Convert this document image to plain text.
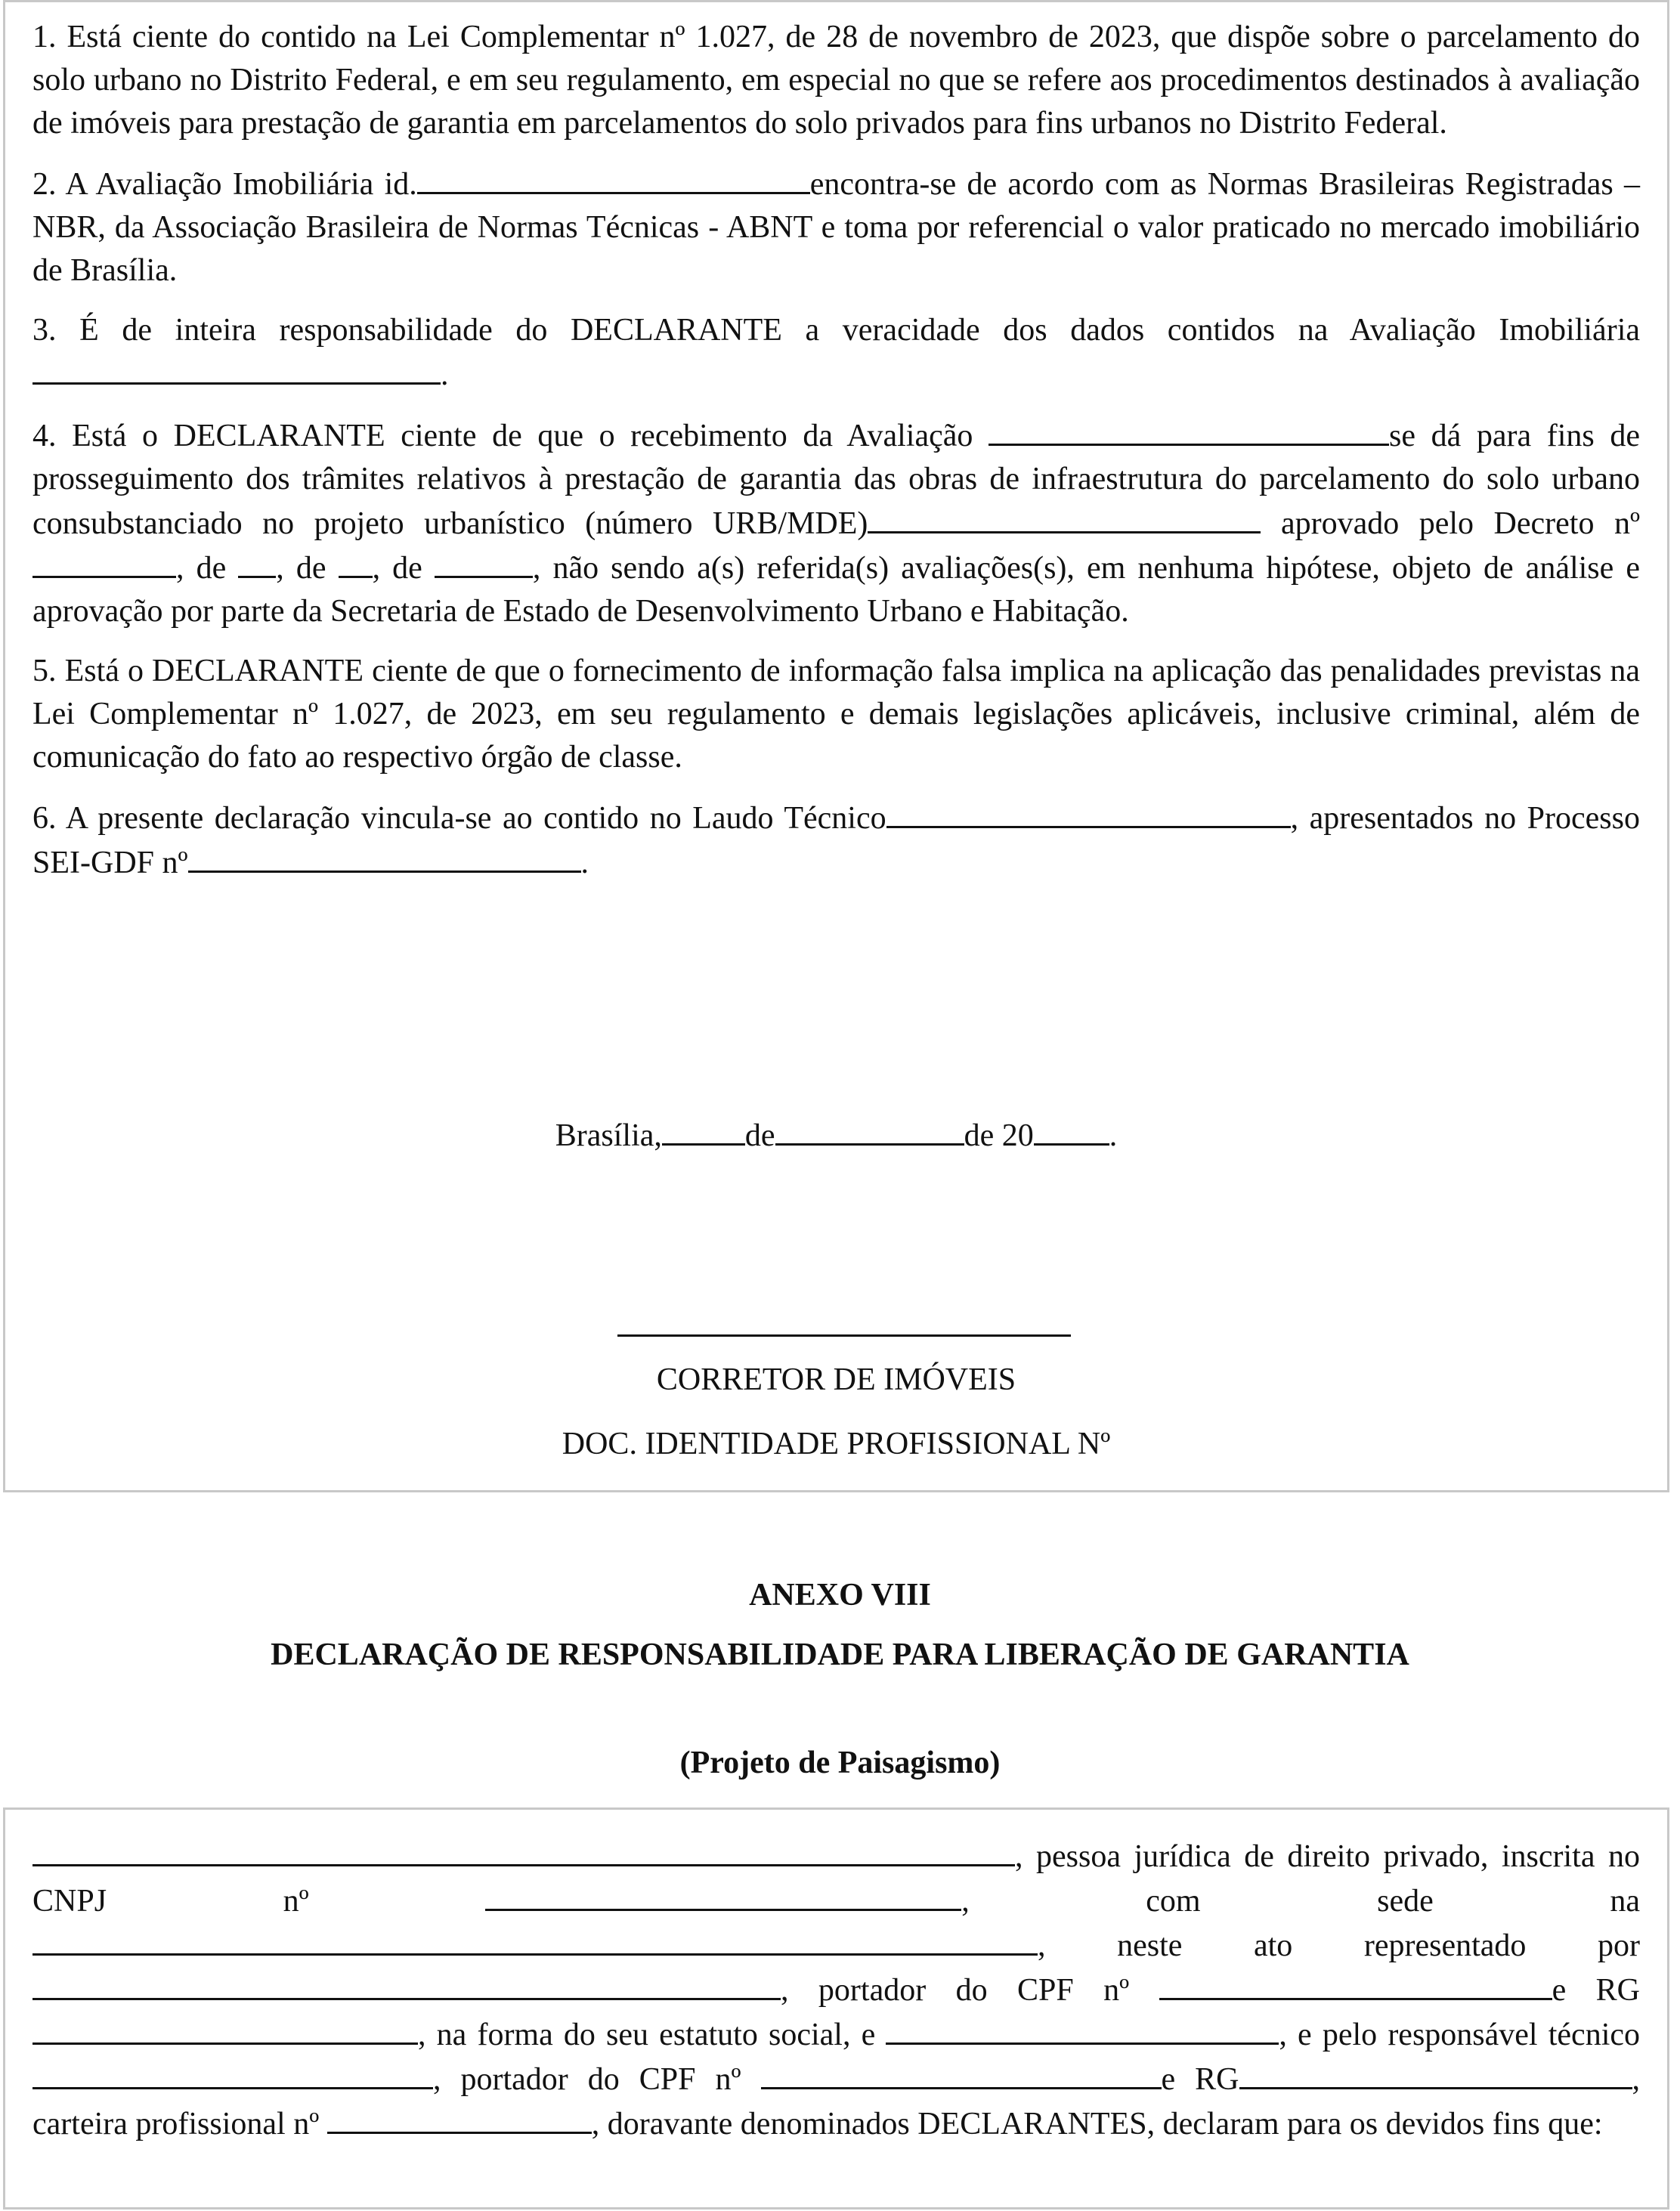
1. Está ciente do contido na Lei Complementar nº 1.027, de 28 de novembro de 2023, que dispõe sobre o parcelamento do solo urbano no Distrito Federal, e em seu regulamento, em especial no que se refere aos procedimentos destinados à avaliação de imóveis para prestação de garantia em parcelamentos do solo privados para fins urbanos no Distrito Federal.

2. A Avaliação Imobiliária id.	encontra-se de acordo com as Normas Brasileiras Registradas – NBR, da Associação Brasileira de Normas Técnicas - ABNT e toma por referencial o valor praticado no mercado imobiliário de Brasília.

3. É de inteira responsabilidade do DECLARANTE a veracidade dos dados contidos na Avaliação Imobiliária .

4. Está o DECLARANTE ciente de que o recebimento da Avaliação	se dá para fins de prosseguimento dos trâmites relativos à prestação de garantia das obras de infraestrutura do parcelamento do solo urbano consubstanciado no projeto urbanístico (número URB/MDE)	aprovado pelo Decreto nº, de , de , de	, não sendo a(s) referida(s) avaliações(s), em nenhuma hipótese, objeto de análise e aprovação por parte da Secretaria de Estado de Desenvolvimento Urbano e Habitação.

5. Está o DECLARANTE ciente de que o fornecimento de informação falsa implica na aplicação das penalidades previstas na Lei Complementar nº 1.027, de 2023, em seu regulamento e demais legislações aplicáveis, inclusive criminal, além de comunicação do fato ao respectivo órgão de classe.

6. A presente declaração vincula-se ao contido no Laudo Técnico	, apresentados no Processo SEI-GDF nº	.

Brasília,	de	de 20 .
CORRETOR DE IMÓVEIS
DOC. IDENTIDADE PROFISSIONAL Nº
ANEXO VIII
DECLARAÇÃO DE RESPONSABILIDADE PARA LIBERAÇÃO DE GARANTIA
(Projeto de Paisagismo)

, pessoa jurídica de direito privado, inscrita no CNPJ nº	, com sede na , neste ato representado por , portador do CPF nº	e RG , na forma do seu estatuto social, e	, e pelo responsável técnico, portador do CPF nº	e RG	, carteira profissional nº	, doravante denominados DECLARANTES, declaram para os devidos fins que:
